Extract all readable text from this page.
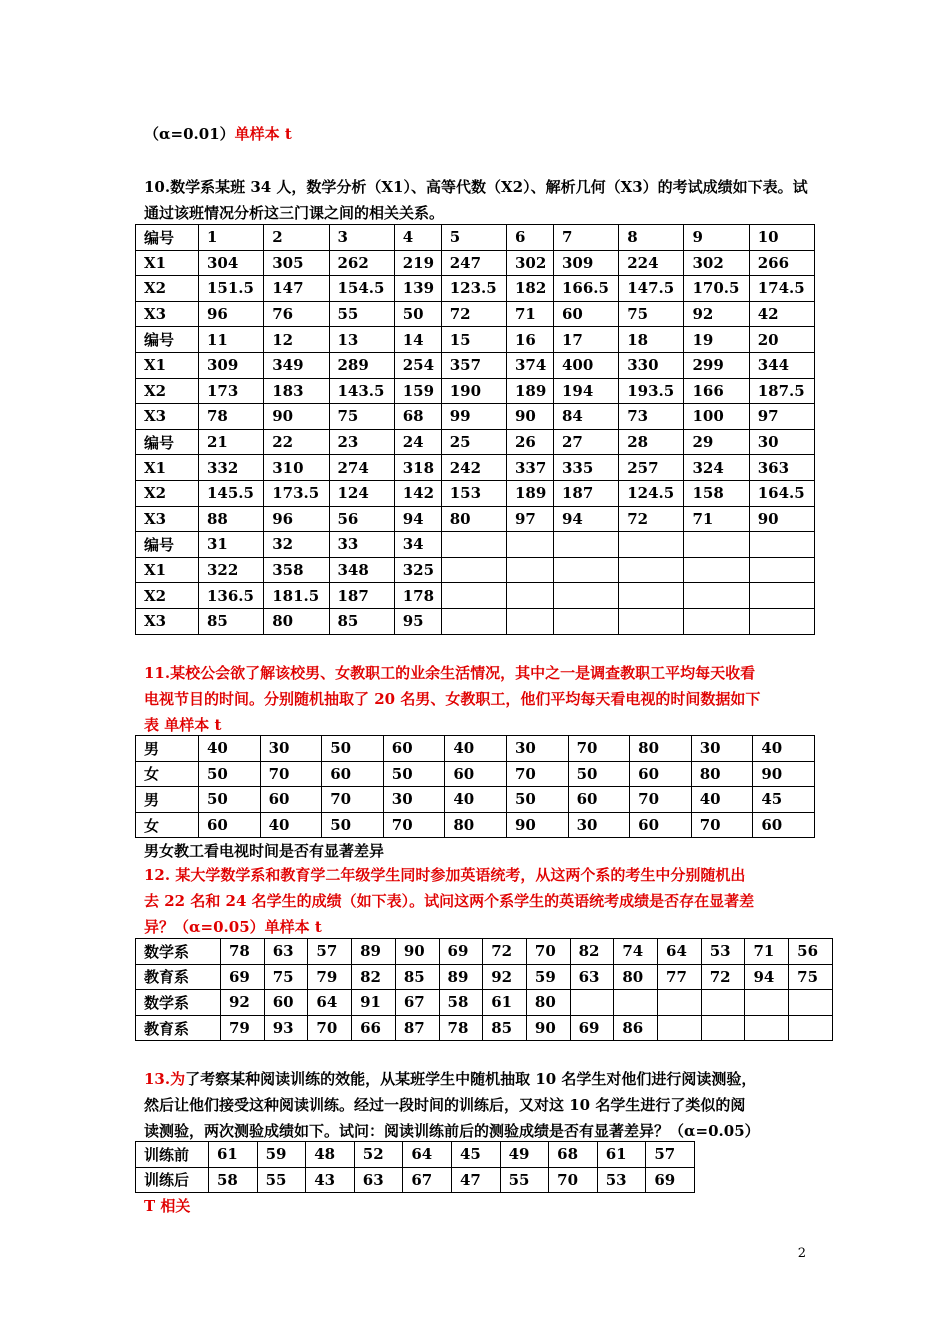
（α=0.01）单样本 t
10.数学系某班 34 人，数学分析（X1）、高等代数（X2）、解析几何（X3）的考试成绩如下表。试
通过该班情况分析这三门课之间的相关关系。
编号	1	2	3	4	5	6	7	8	9	10
X1	304	305	262	219	247	302	309	224	302	266
X2	151.5	147	154.5	139	123.5	182	166.5	147.5	170.5	174.5
X3	96	76	55	50	72	71	60	75	92	42
编号	11	12	13	14	15	16	17	18	19	20
X1	309	349	289	254	357	374	400	330	299	344
X2	173	183	143.5	159	190	189	194	193.5	166	187.5
X3	78	90	75	68	99	90	84	73	100	97
编号	21	22	23	24	25	26	27	28	29	30
X1	332	310	274	318	242	337	335	257	324	363
X2	145.5	173.5	124	142	153	189	187	124.5	158	164.5
X3	88	96	56	94	80	97	94	72	71	90
编号	31	32	33	34						
X1	322	358	348	325						
X2	136.5	181.5	187	178						
X3	85	80	85	95						
11.某校公会欲了解该校男、女教职工的业余生活情况，其中之一是调查教职工平均每天收看
电视节目的时间。分别随机抽取了 20 名男、女教职工，他们平均每天看电视的时间数据如下
表 单样本 t
男	40	30	50	60	40	30	70	80	30	40
女	50	70	60	50	60	70	50	60	80	90
男	50	60	70	30	40	50	60	70	40	45
女	60	40	50	70	80	90	30	60	70	60
男女教工看电视时间是否有显著差异
12. 某大学数学系和教育学二年级学生同时参加英语统考，从这两个系的考生中分别随机出
去 22 名和 24 名学生的成绩（如下表）。试问这两个系学生的英语统考成绩是否存在显著差
异？（α=0.05）单样本 t
数学系	78	63	57	89	90	69	72	70	82	74	64	53	71	56
教育系	69	75	79	82	85	89	92	59	63	80	77	72	94	75
数学系	92	60	64	91	67	58	61	80						
教育系	79	93	70	66	87	78	85	90	69	86				
13.为了考察某种阅读训练的效能，从某班学生中随机抽取 10 名学生对他们进行阅读测验，
然后让他们接受这种阅读训练。经过一段时间的训练后，又对这 10 名学生进行了类似的阅
读测验，两次测验成绩如下。试问：阅读训练前后的测验成绩是否有显著差异？（α=0.05）
训练前	61	59	48	52	64	45	49	68	61	57
训练后	58	55	43	63	67	47	55	70	53	69
T 相关
2
